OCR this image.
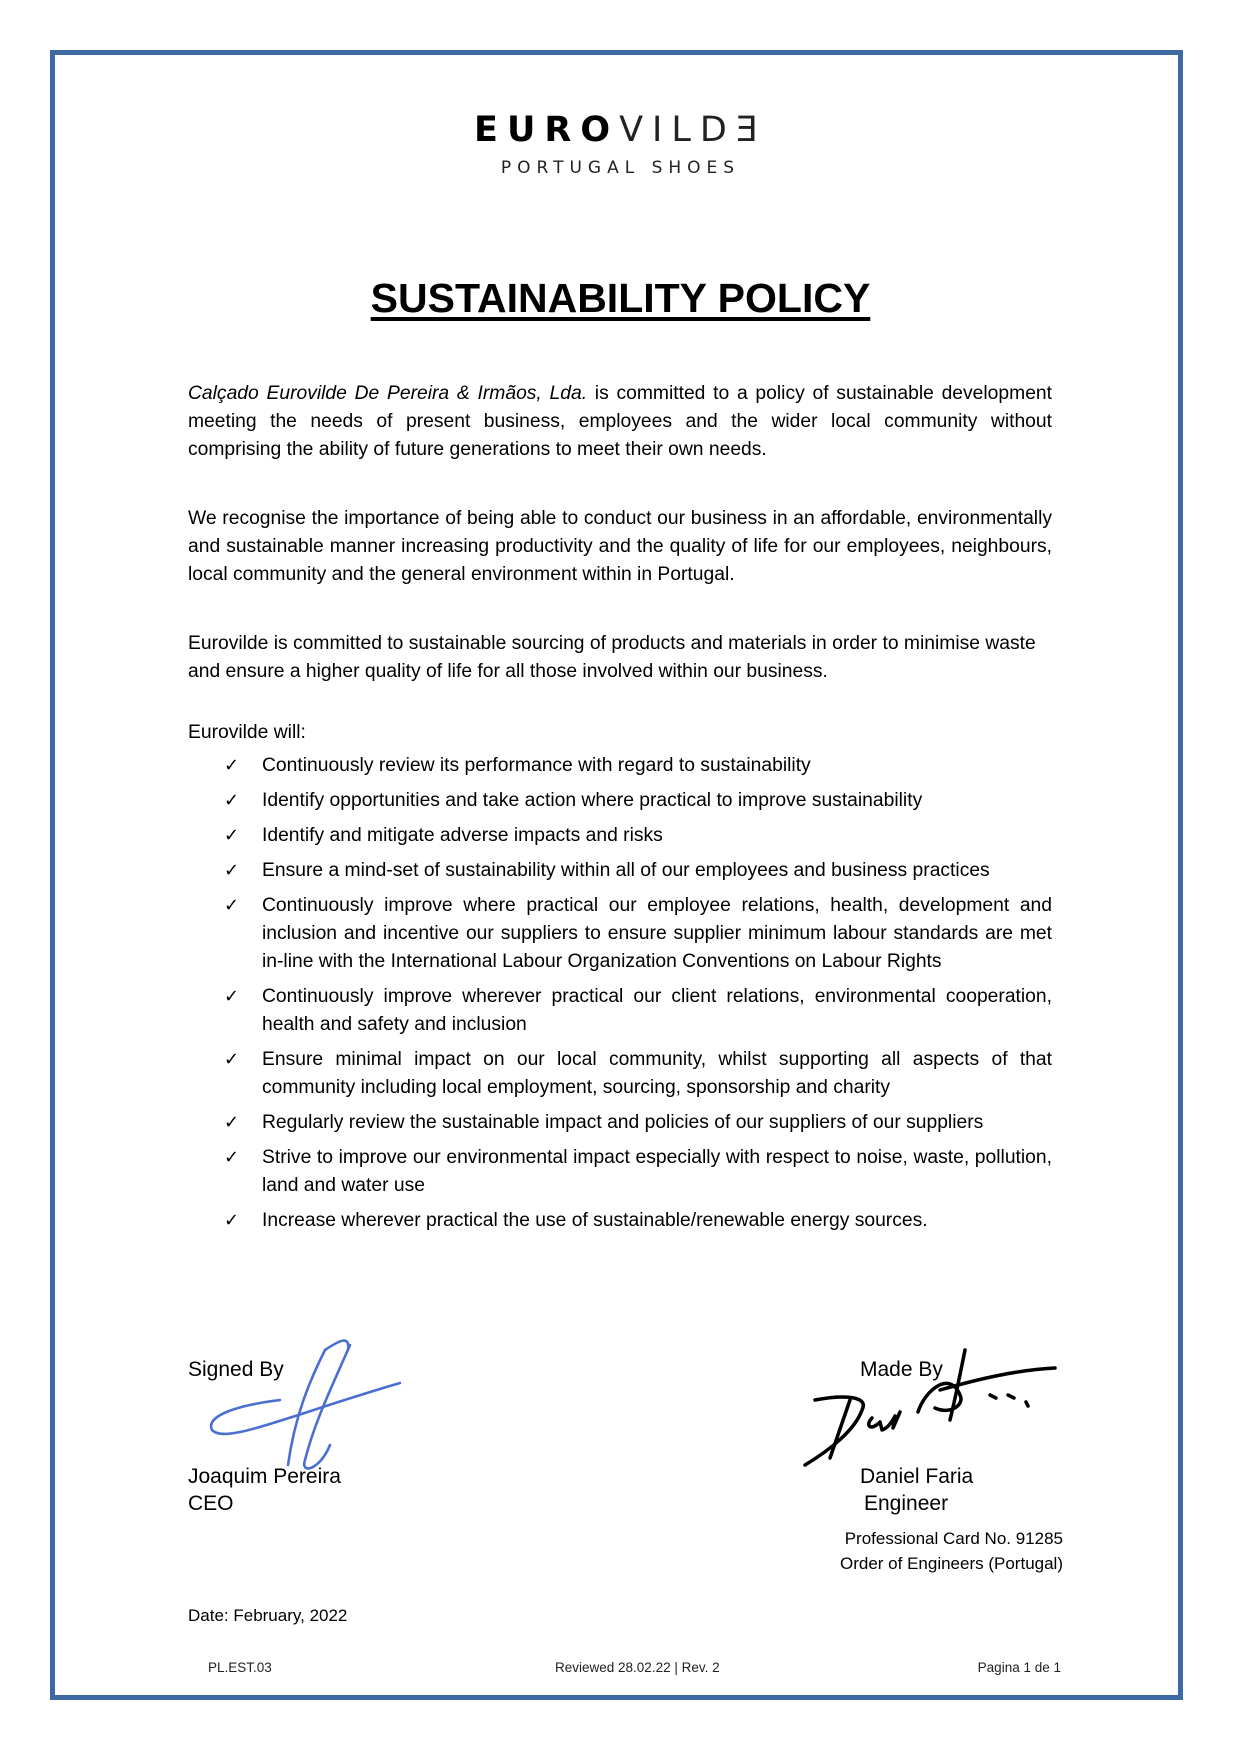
EUROVILDƎ
PORTUGAL SHOES
SUSTAINABILITY POLICY
Calçado Eurovilde De Pereira & Irmãos, Lda. is committed to a policy of sustainable development meeting the needs of present business, employees and the wider local community without comprising the ability of future generations to meet their own needs.
We recognise the importance of being able to conduct our business in an affordable, environmentally and sustainable manner increasing productivity and the quality of life for our employees, neighbours, local community and the general environment within in Portugal.
Eurovilde is committed to sustainable sourcing of products and materials in order to minimise waste and ensure a higher quality of life for all those involved within our business.
Eurovilde will:
✓ Continuously review its performance with regard to sustainability
✓ Identify opportunities and take action where practical to improve sustainability
✓ Identify and mitigate adverse impacts and risks
✓ Ensure a mind-set of sustainability within all of our employees and business practices
✓ Continuously improve where practical our employee relations, health, development and inclusion and incentive our suppliers to ensure supplier minimum labour standards are met in-line with the International Labour Organization Conventions on Labour Rights
✓ Continuously improve wherever practical our client relations, environmental cooperation, health and safety and inclusion
✓ Ensure minimal impact on our local community, whilst supporting all aspects of that community including local employment, sourcing, sponsorship and charity
✓ Regularly review the sustainable impact and policies of our suppliers of our suppliers
✓ Strive to improve our environmental impact especially with respect to noise, waste, pollution, land and water use
✓ Increase wherever practical the use of sustainable/renewable energy sources.
Signed By
Joaquim Pereira
CEO
Made By
Daniel Faria
Engineer
Professional Card No. 91285
Order of Engineers (Portugal)
Date: February, 2022
PL.EST.03	Reviewed 28.02.22 | Rev. 2	Pagina 1 de 1
